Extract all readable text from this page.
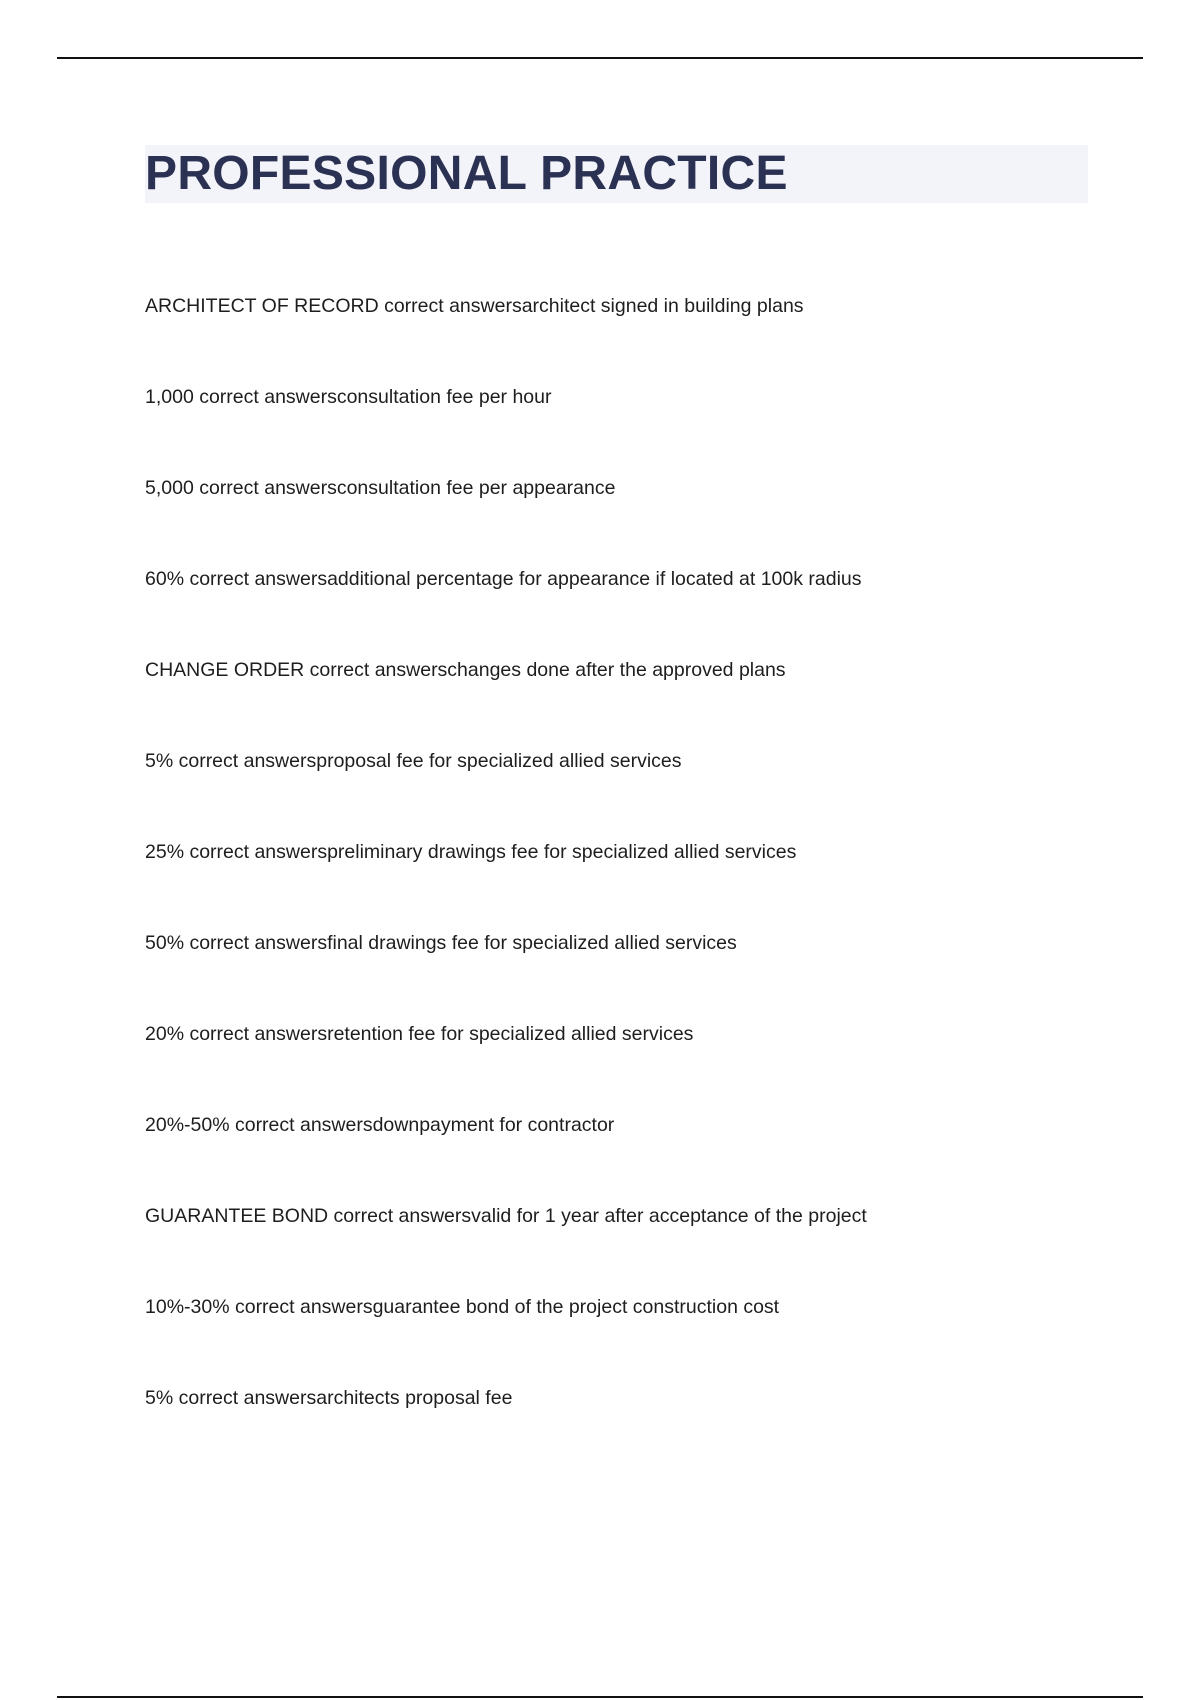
PROFESSIONAL PRACTICE
ARCHITECT OF RECORD correct answersarchitect signed in building plans
1,000 correct answersconsultation fee per hour
5,000 correct answersconsultation fee per appearance
60% correct answersadditional percentage for appearance if located at 100k radius
CHANGE ORDER correct answerschanges done after the approved plans
5% correct answersproposal fee for specialized allied services
25% correct answerspreliminary drawings fee for specialized allied services
50% correct answersfinal drawings fee for specialized allied services
20% correct answersretention fee for specialized allied services
20%-50% correct answersdownpayment for contractor
GUARANTEE BOND correct answersvalid for 1 year after acceptance of the project
10%-30% correct answersguarantee bond of the project construction cost
5% correct answersarchitects proposal fee
